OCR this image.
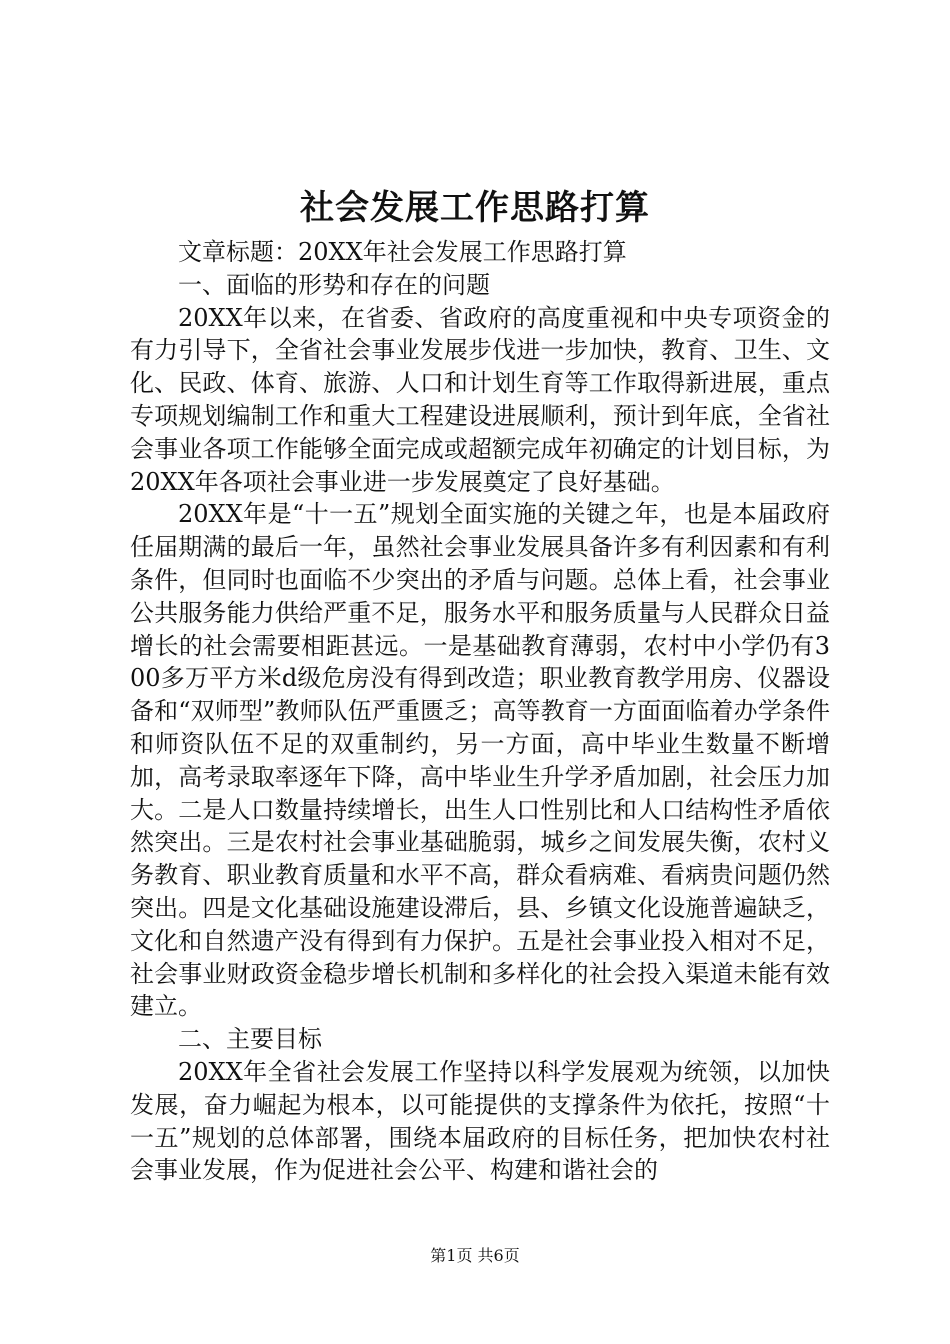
社会发展工作思路打算

文章标题：20XX年社会发展工作思路打算

一、面临的形势和存在的问题

20XX年以来，在省委、省政府的高度重视和中央专项资金的有力引导下，全省社会事业发展步伐进一步加快，教育、卫生、文化、民政、体育、旅游、人口和计划生育等工作取得新进展，重点专项规划编制工作和重大工程建设进展顺利，预计到年底，全省社会事业各项工作能够全面完成或超额完成年初确定的计划目标，为20XX年各项社会事业进一步发展奠定了良好基础。

20XX年是“十一五”规划全面实施的关键之年，也是本届政府任届期满的最后一年，虽然社会事业发展具备许多有利因素和有利条件，但同时也面临不少突出的矛盾与问题。总体上看，社会事业公共服务能力供给严重不足，服务水平和服务质量与人民群众日益增长的社会需要相距甚远。一是基础教育薄弱，农村中小学仍有300多万平方米d级危房没有得到改造；职业教育教学用房、仪器设备和“双师型”教师队伍严重匮乏；高等教育一方面面临着办学条件和师资队伍不足的双重制约，另一方面，高中毕业生数量不断增加，高考录取率逐年下降，高中毕业生升学矛盾加剧，社会压力加大。二是人口数量持续增长，出生人口性别比和人口结构性矛盾依然突出。三是农村社会事业基础脆弱，城乡之间发展失衡，农村义务教育、职业教育质量和水平不高，群众看病难、看病贵问题仍然突出。四是文化基础设施建设滞后，县、乡镇文化设施普遍缺乏，文化和自然遗产没有得到有力保护。五是社会事业投入相对不足，社会事业财政资金稳步增长机制和多样化的社会投入渠道未能有效建立。

二、主要目标

20XX年全省社会发展工作坚持以科学发展观为统领，以加快发展，奋力崛起为根本，以可能提供的支撑条件为依托，按照“十一五”规划的总体部署，围绕本届政府的目标任务，把加快农村社会事业发展，作为促进社会公平、构建和谐社会的

第1页 共6页
